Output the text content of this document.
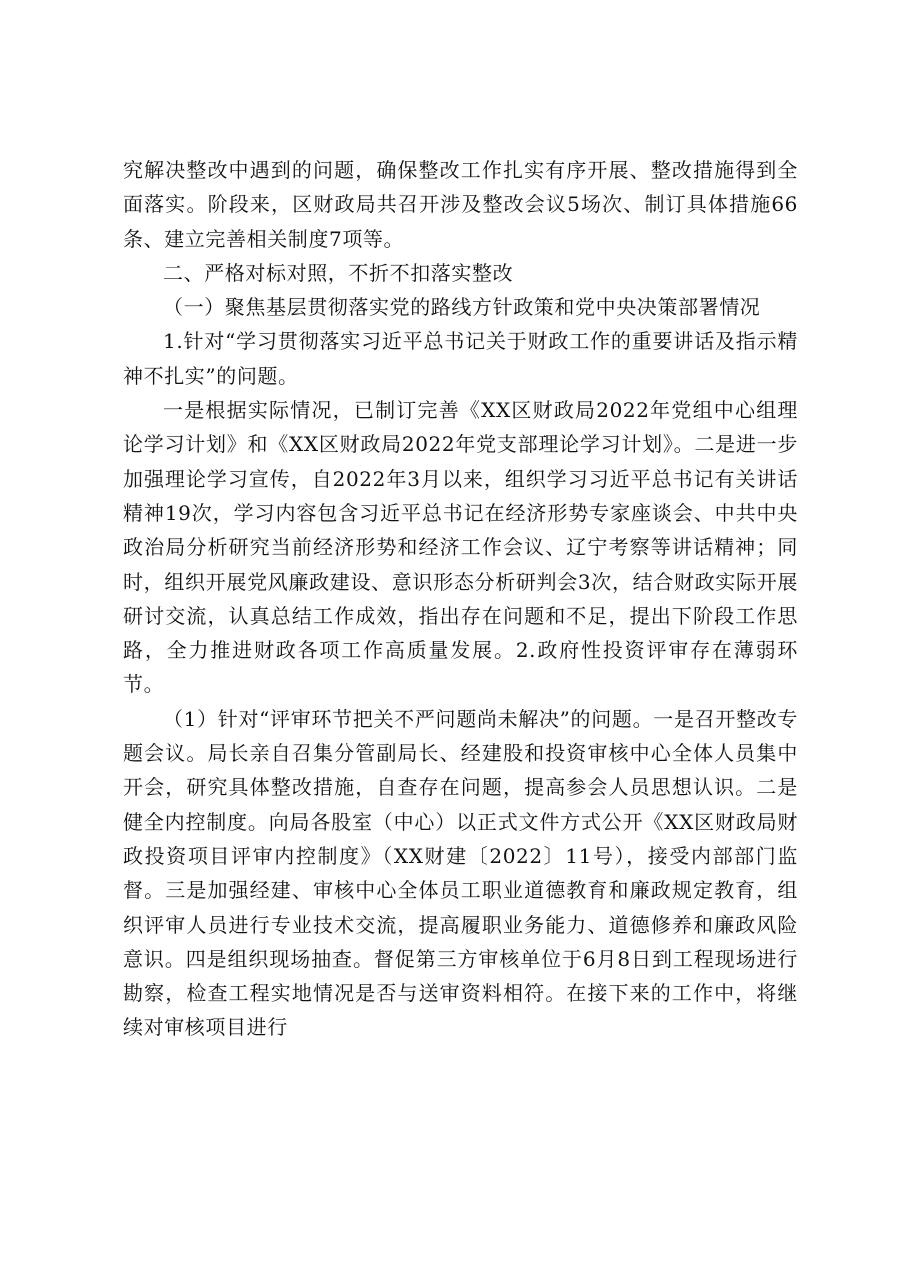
究解决整改中遇到的问题，确保整改工作扎实有序开展、整改措施得到全面落实。阶段来，区财政局共召开涉及整改会议5场次、制订具体措施66条、建立完善相关制度7项等。

二、严格对标对照，不折不扣落实整改

（一）聚焦基层贯彻落实党的路线方针政策和党中央决策部署情况

1.针对“学习贯彻落实习近平总书记关于财政工作的重要讲话及指示精神不扎实”的问题。

一是根据实际情况，已制订完善《XX区财政局2022年党组中心组理论学习计划》和《XX区财政局2022年党支部理论学习计划》。二是进一步加强理论学习宣传，自2022年3月以来，组织学习习近平总书记有关讲话精神19次，学习内容包含习近平总书记在经济形势专家座谈会、中共中央政治局分析研究当前经济形势和经济工作会议、辽宁考察等讲话精神；同时，组织开展党风廉政建设、意识形态分析研判会3次，结合财政实际开展研讨交流，认真总结工作成效，指出存在问题和不足，提出下阶段工作思路，全力推进财政各项工作高质量发展。2.政府性投资评审存在薄弱环节。

（1）针对“评审环节把关不严问题尚未解决”的问题。一是召开整改专题会议。局长亲自召集分管副局长、经建股和投资审核中心全体人员集中开会，研究具体整改措施，自查存在问题，提高参会人员思想认识。二是健全内控制度。向局各股室（中心）以正式文件方式公开《XX区财政局财政投资项目评审内控制度》（XX财建〔2022〕11号），接受内部部门监督。三是加强经建、审核中心全体员工职业道德教育和廉政规定教育，组织评审人员进行专业技术交流，提高履职业务能力、道德修养和廉政风险意识。四是组织现场抽查。督促第三方审核单位于6月8日到工程现场进行勘察，检查工程实地情况是否与送审资料相符。在接下来的工作中，将继续对审核项目进行
